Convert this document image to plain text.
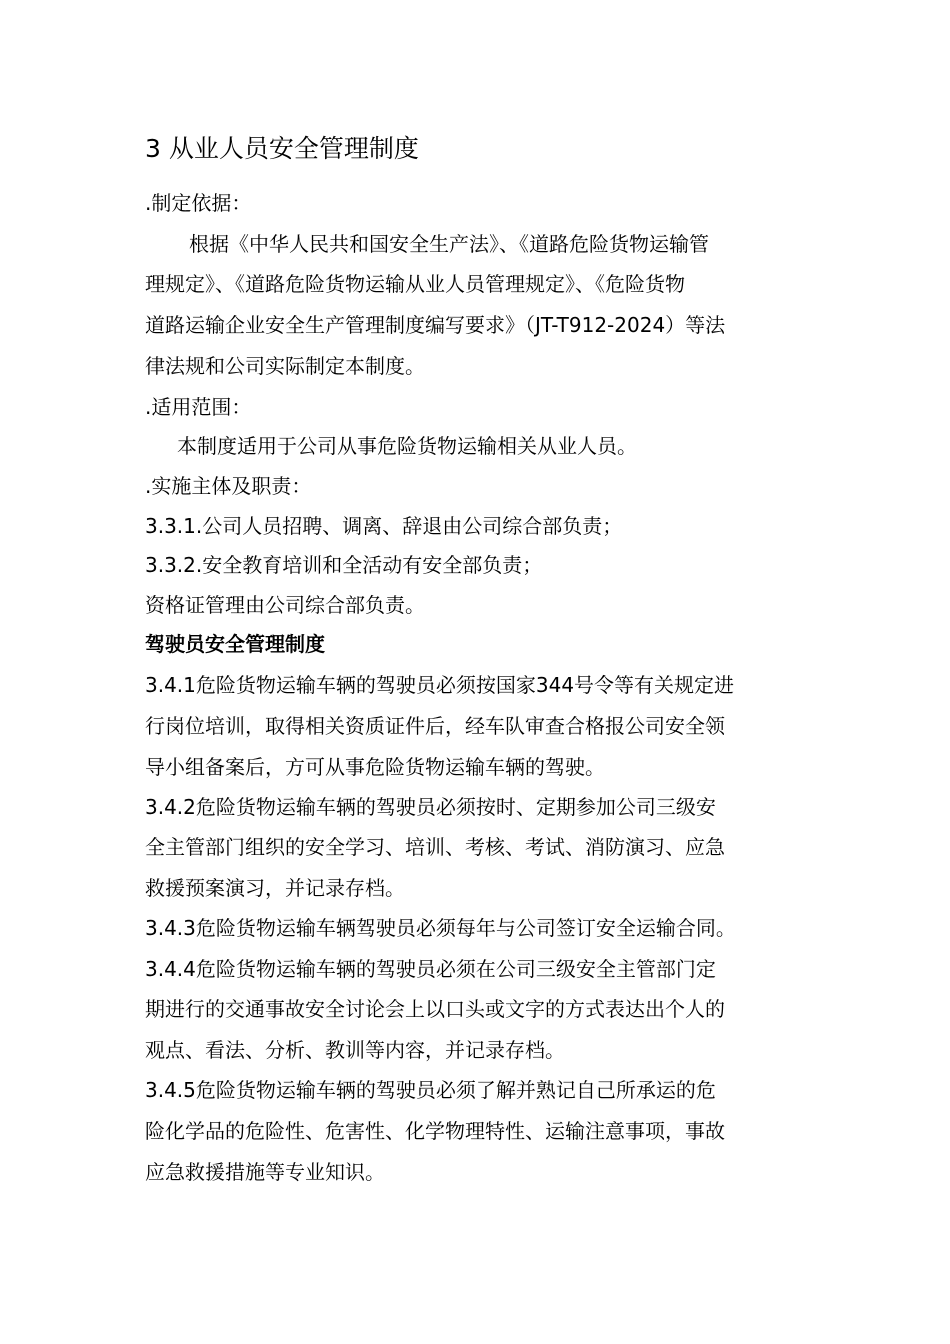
3 从业人员安全管理制度
.制定依据：
根据《中华人民共和国安全生产法》、《道路危险货物运输管
理规定》、《道路危险货物运输从业人员管理规定》、《危险货物
道路运输企业安全生产管理制度编写要求》（JT-T912-2024）等法
律法规和公司实际制定本制度。
.适用范围：
本制度适用于公司从事危险货物运输相关从业人员。
.实施主体及职责：
3.3.1.公司人员招聘、调离、辞退由公司综合部负责；
3.3.2.安全教育培训和全活动有安全部负责；
资格证管理由公司综合部负责。
驾驶员安全管理制度
3.4.1危险货物运输车辆的驾驶员必须按国家344号令等有关规定进
行岗位培训，取得相关资质证件后，经车队审查合格报公司安全领
导小组备案后，方可从事危险货物运输车辆的驾驶。
3.4.2危险货物运输车辆的驾驶员必须按时、定期参加公司三级安
全主管部门组织的安全学习、培训、考核、考试、消防演习、应急
救援预案演习，并记录存档。
3.4.3危险货物运输车辆驾驶员必须每年与公司签订安全运输合同。
3.4.4危险货物运输车辆的驾驶员必须在公司三级安全主管部门定
期进行的交通事故安全讨论会上以口头或文字的方式表达出个人的
观点、看法、分析、教训等内容，并记录存档。
3.4.5危险货物运输车辆的驾驶员必须了解并熟记自己所承运的危
险化学品的危险性、危害性、化学物理特性、运输注意事项，事故
应急救援措施等专业知识。
